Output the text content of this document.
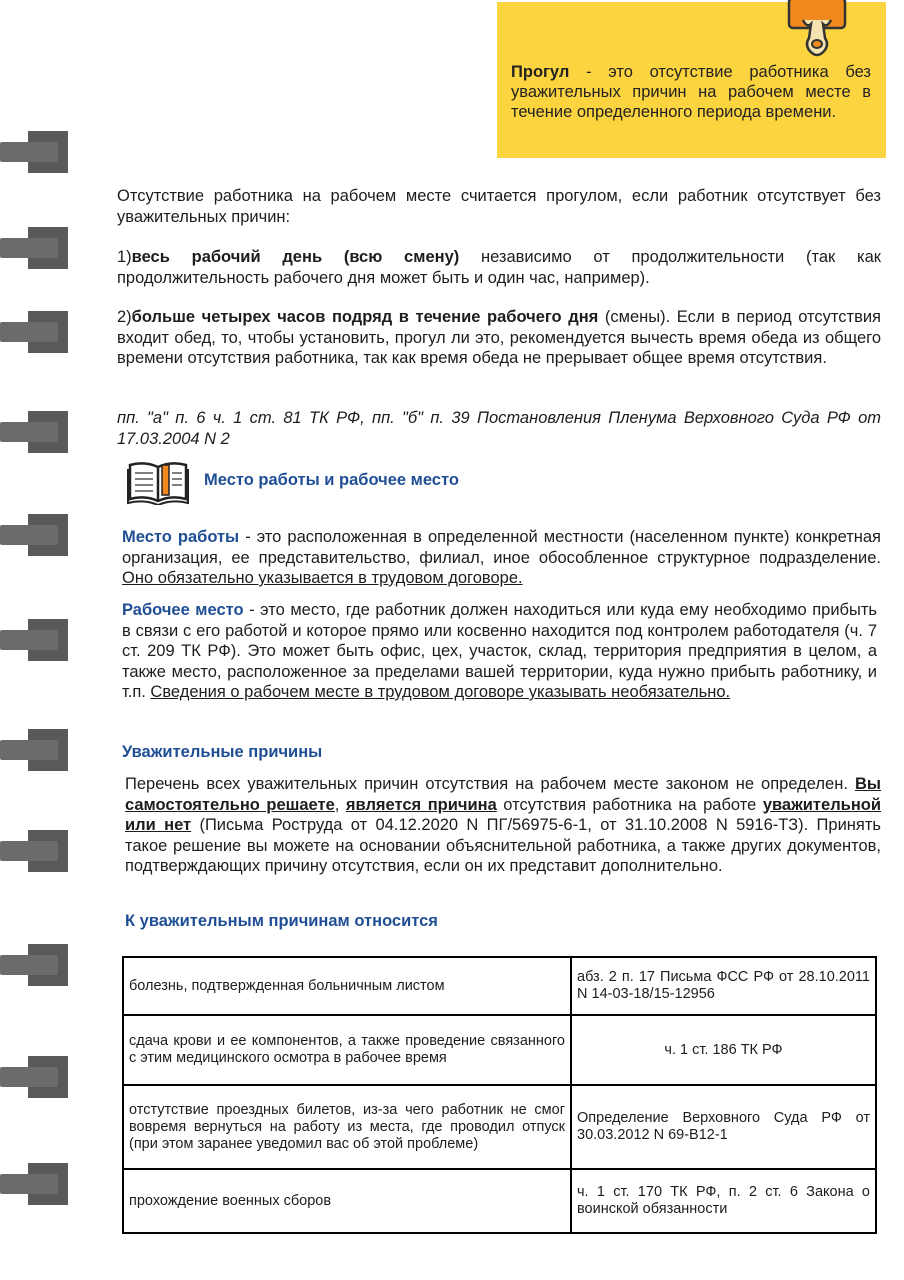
Прогул - это отсутствие работника без уважительных причин на рабочем месте в течение определенного периода времени.
Отсутствие работника на рабочем месте считается прогулом, если работник отсутствует без уважительных причин:
1)весь рабочий день (всю смену) независимо от продолжительности (так как продолжительность рабочего дня может быть и один час, например).
2)больше четырех часов подряд в течение рабочего дня (смены). Если в период отсутствия входит обед, то, чтобы установить, прогул ли это, рекомендуется вычесть время обеда из общего времени отсутствия работника, так как время обеда не прерывает общее время отсутствия.
пп. "а" п. 6 ч. 1 ст. 81 ТК РФ, пп. "б" п. 39 Постановления Пленума Верховного Суда РФ от 17.03.2004 N 2
Место работы и рабочее место
Место работы - это расположенная в определенной местности (населенном пункте) конкретная организация, ее представительство, филиал, иное обособленное структурное подразделение. Оно обязательно указывается в трудовом договоре.
Рабочее место - это место, где работник должен находиться или куда ему необходимо прибыть в связи с его работой и которое прямо или косвенно находится под контролем работодателя (ч. 7 ст. 209 ТК РФ). Это может быть офис, цех, участок, склад, территория предприятия в целом, а также место, расположенное за пределами вашей территории, куда нужно прибыть работнику, и т.п. Сведения о рабочем месте в трудовом договоре указывать необязательно.
Уважительные причины
Перечень всех уважительных причин отсутствия на рабочем месте законом не определен. Вы самостоятельно решаете, является причина отсутствия работника на работе уважительной или нет (Письма Роструда от 04.12.2020 N ПГ/56975-6-1, от 31.10.2008 N 5916-ТЗ). Принять такое решение вы можете на основании объяснительной работника, а также других документов, подтверждающих причину отсутствия, если он их представит дополнительно.
К уважительным причинам относится
болезнь, подтвержденная больничным листом	абз. 2 п. 17 Письма ФСС РФ от 28.10.2011 N 14-03-18/15-12956
сдача крови и ее компонентов, а также проведение связанного с этим медицинского осмотра в рабочее время	ч. 1 ст. 186 ТК РФ
отстутствие проездных билетов, из-за чего работник не смог вовремя вернуться на работу из места, где проводил отпуск (при этом заранее уведомил вас об этой проблеме)	Определение Верховного Суда РФ от 30.03.2012 N 69-В12-1
прохождение военных сборов	ч. 1 ст. 170 ТК РФ, п. 2 ст. 6 Закона о воинской обязанности
